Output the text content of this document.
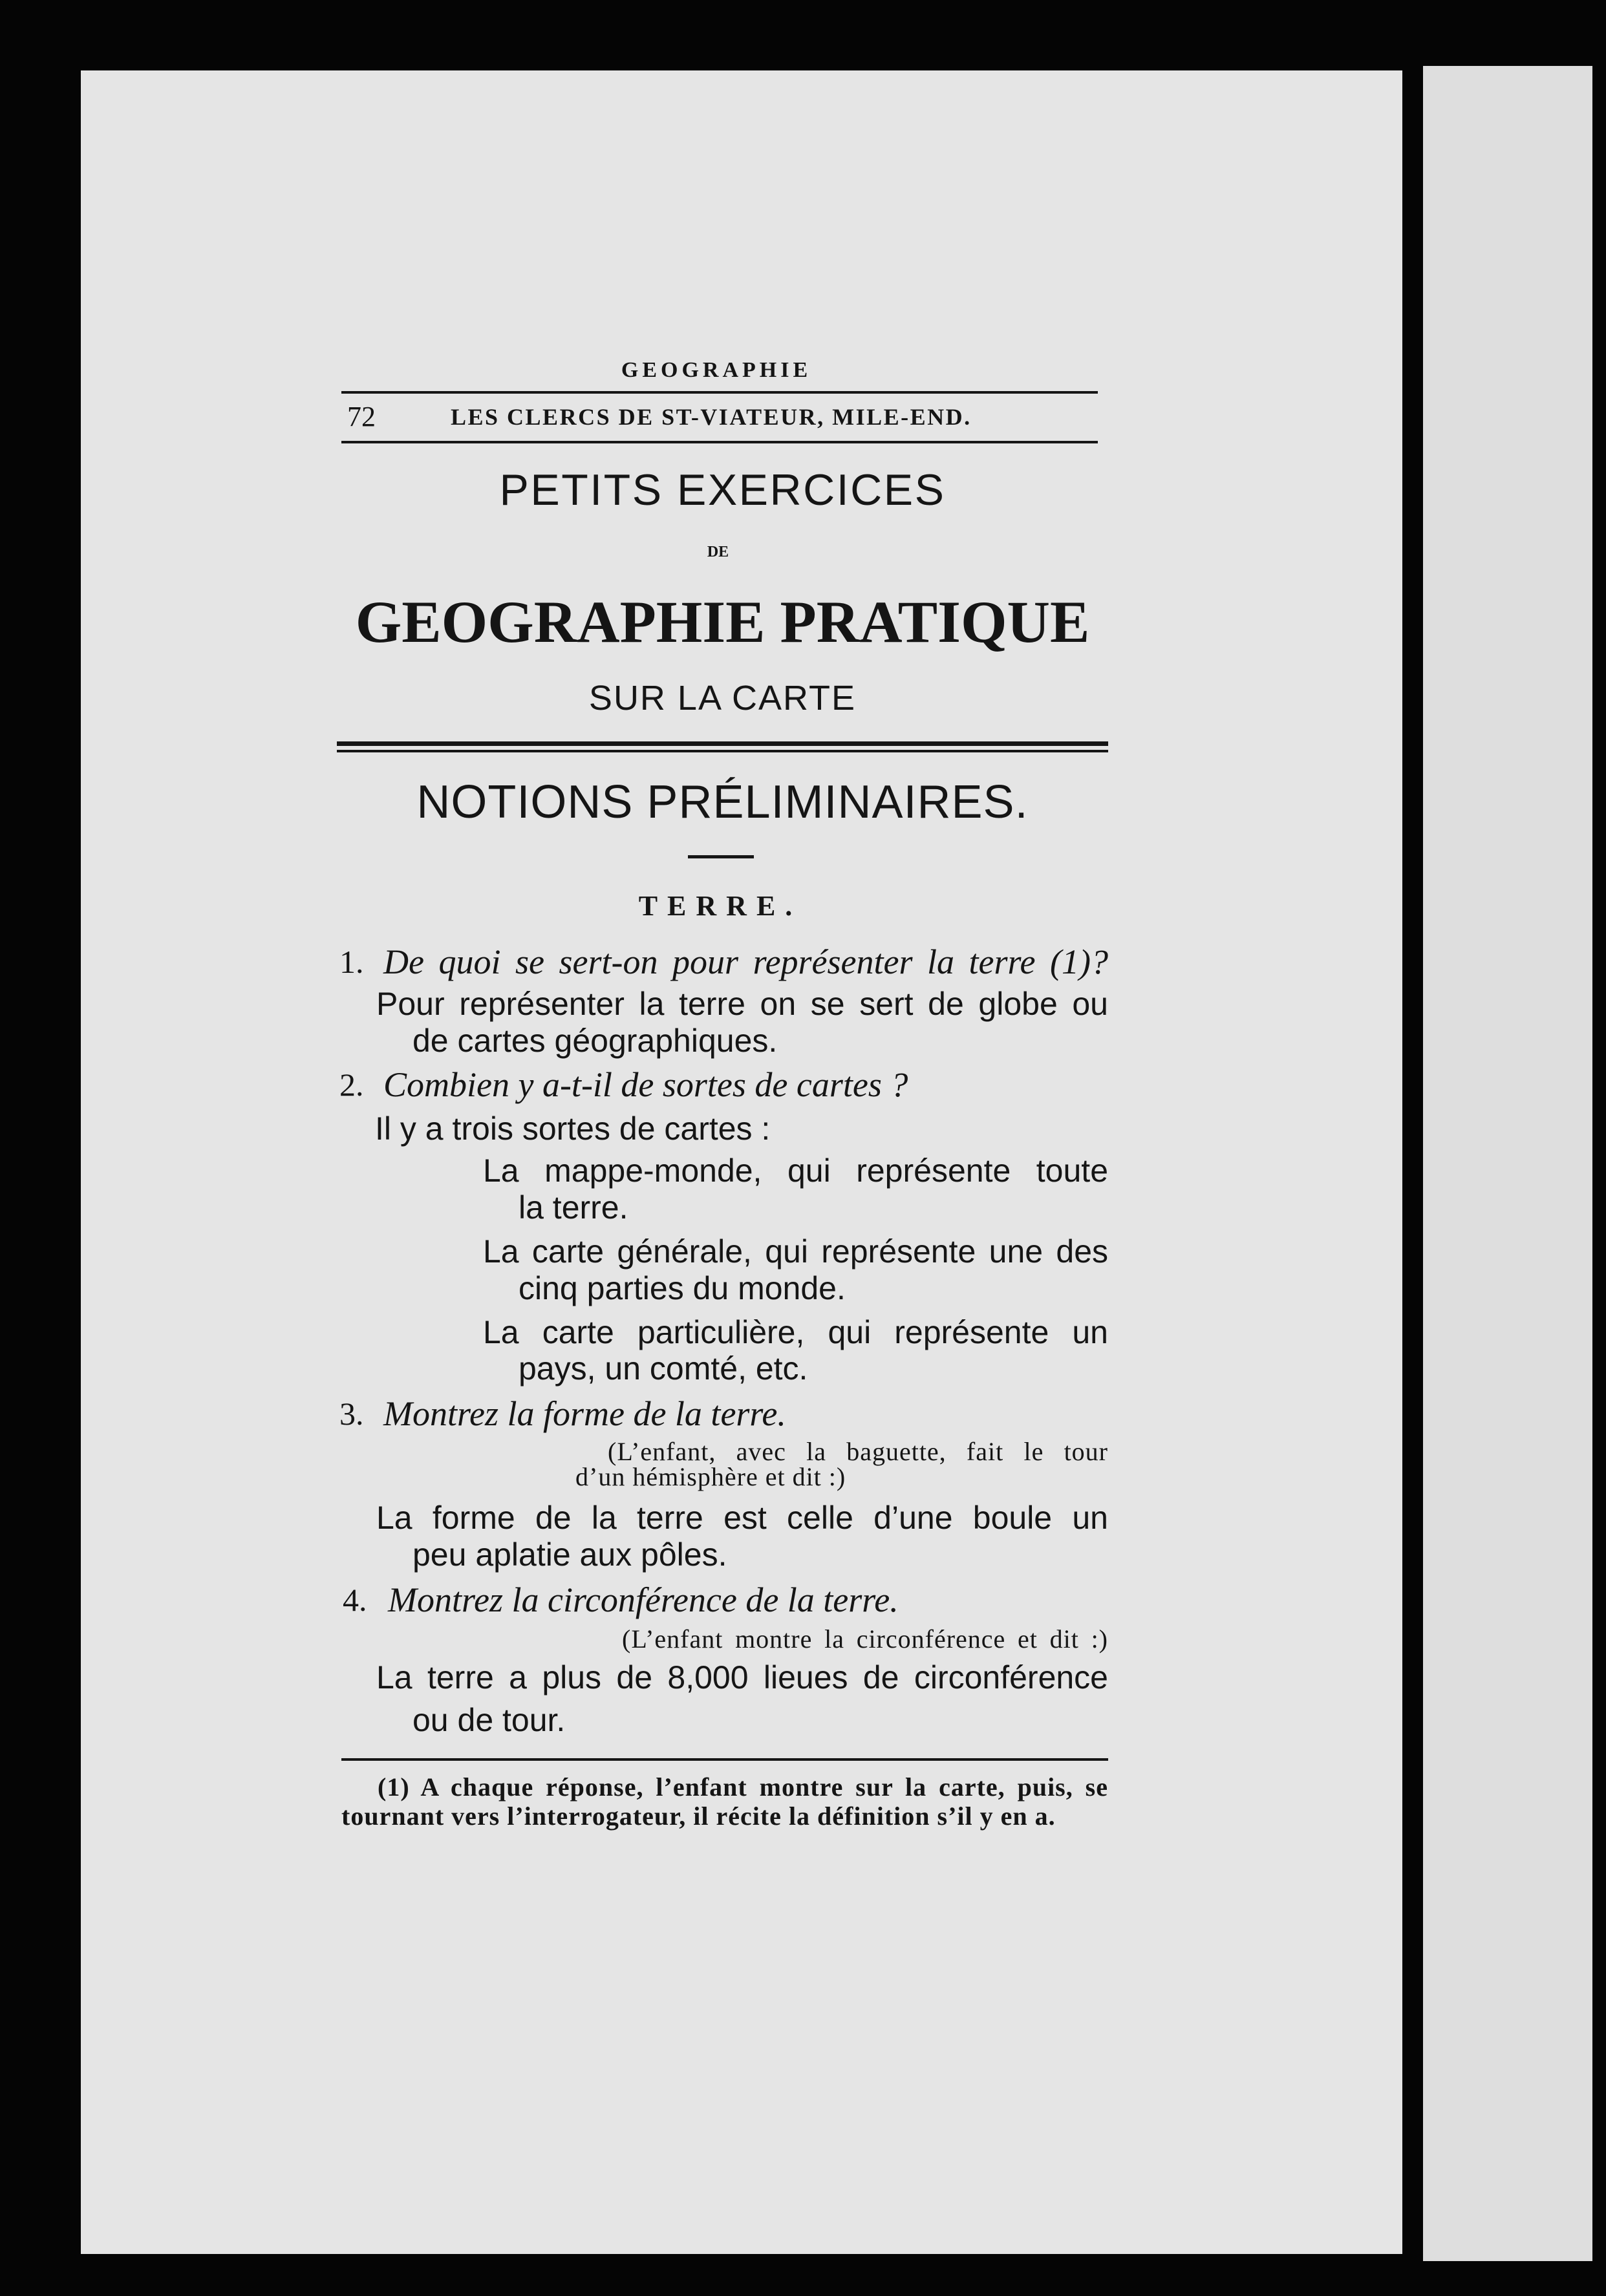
GEOGRAPHIE
72	LES CLERCS DE ST-VIATEUR, MILE-END.
PETITS EXERCICES
DE
GEOGRAPHIE PRATIQUE
SUR LA CARTE
NOTIONS PRÉLIMINAIRES.
TERRE.
1. De quoi se sert-on pour représenter la terre (1)?
Pour représenter la terre on se sert de globe ou
de cartes géographiques.
2. Combien y a-t-il de sortes de cartes ?
Il y a trois sortes de cartes :
La mappe-monde, qui représente toute
la terre.
La carte générale, qui représente une des
cinq parties du monde.
La carte particulière, qui représente un
pays, un comté, etc.
3. Montrez la forme de la terre.
(L’enfant, avec la baguette, fait le tour
d’un hémisphère et dit :)
La forme de la terre est celle d’une boule un
peu aplatie aux pôles.
4. Montrez la circonférence de la terre.
(L’enfant montre la circonférence et dit :)
La terre a plus de 8,000 lieues de circonférence
ou de tour.
(1) A chaque réponse, l’enfant montre sur la carte, puis, se
tournant vers l’interrogateur, il récite la définition s’il y en a.
